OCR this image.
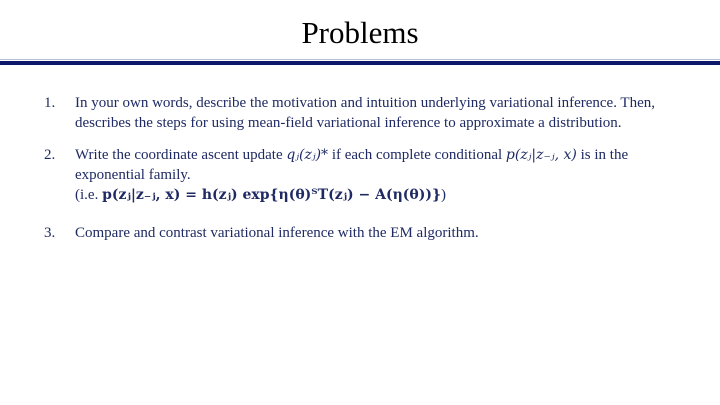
Problems
1.	In your own words, describe the motivation and intuition underlying variational inference. Then,
describes the steps for using mean-field variational inference to approximate a distribution.
2.	Write the coordinate ascent update qⱼ(zⱼ)* if each complete conditional p(zⱼ|z₋ⱼ, x) is in the
exponential family.
(i.e. p(zⱼ|z₋ⱼ, x) = h(zⱼ) exp{η(θ)ᵀT(zⱼ) − A(η(θ))})
3.	Compare and contrast variational inference with the EM algorithm.
